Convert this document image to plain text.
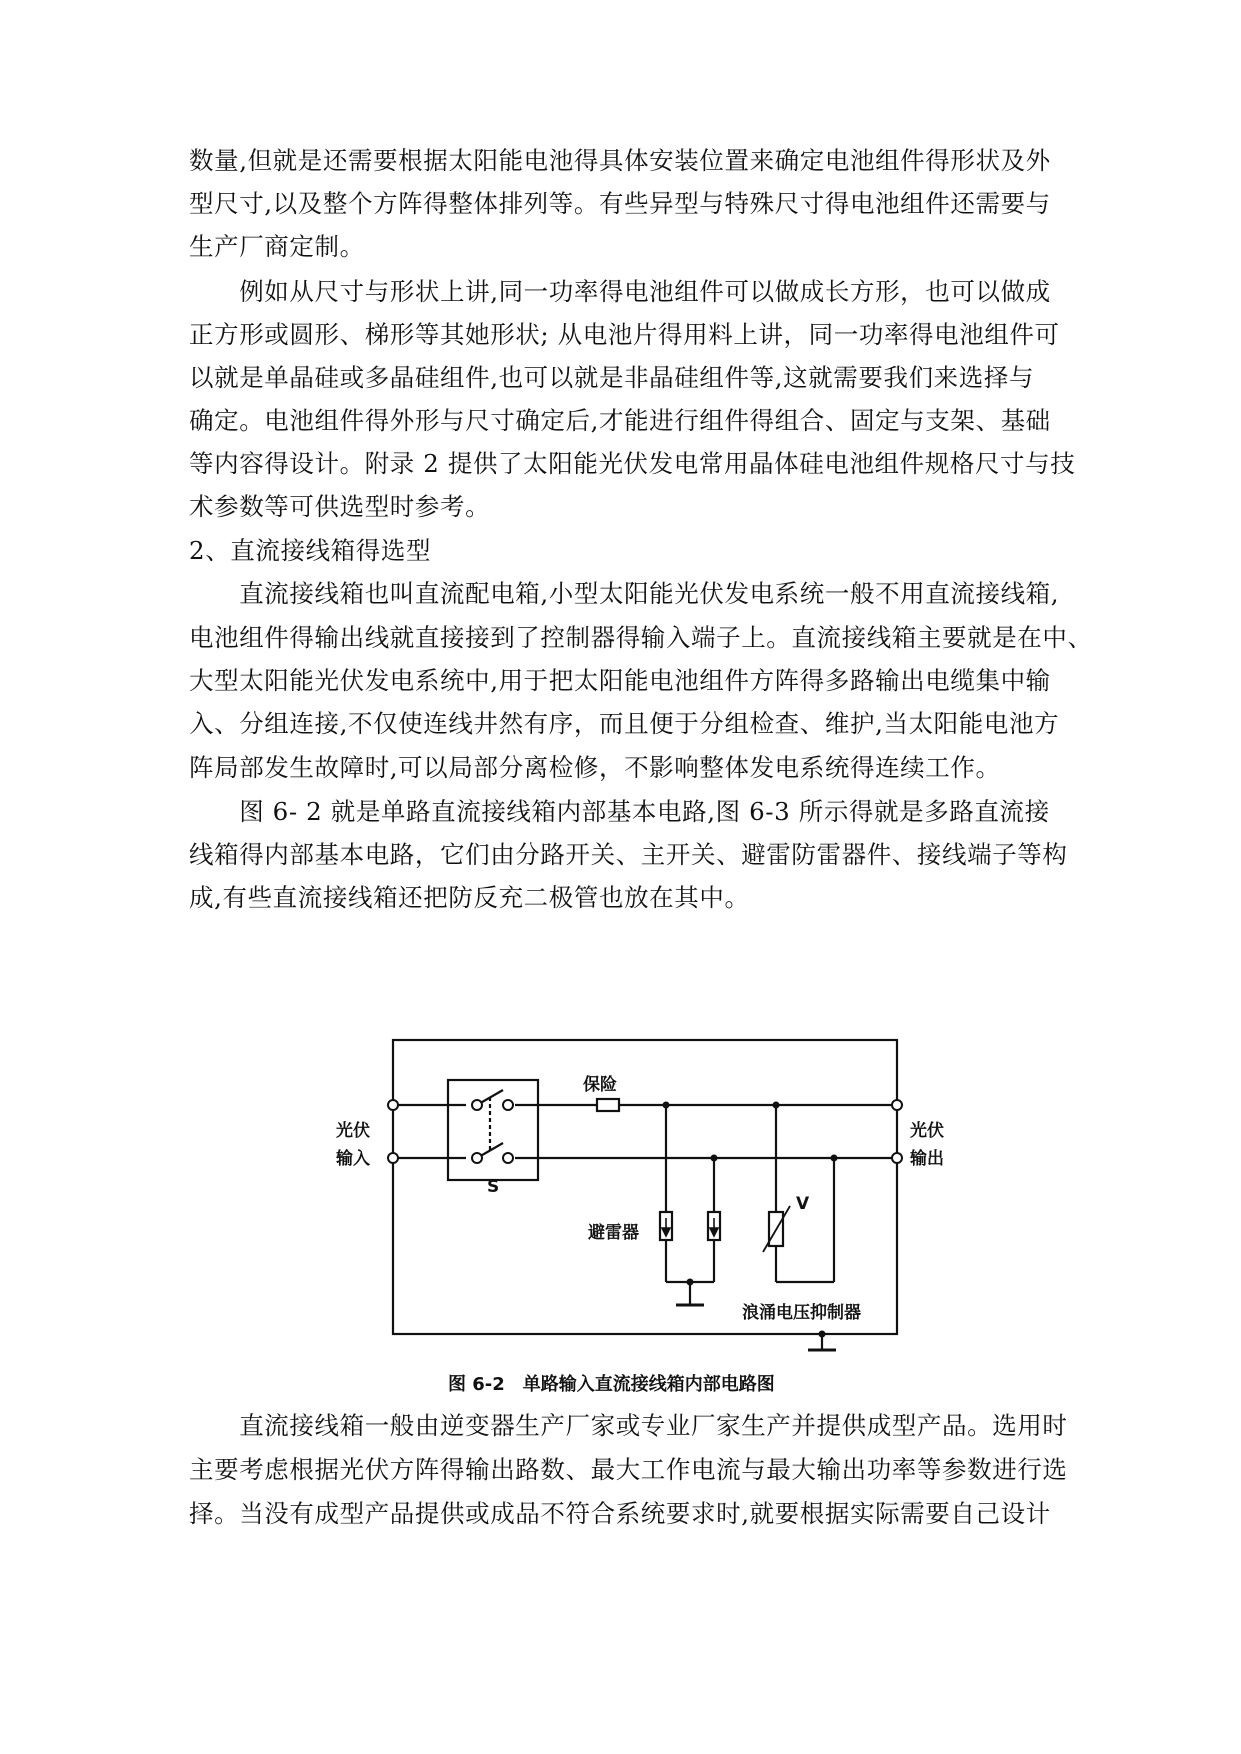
数量,但就是还需要根据太阳能电池得具体安装位置来确定电池组件得形状及外
型尺寸,以及整个方阵得整体排列等。有些异型与特殊尺寸得电池组件还需要与
生产厂商定制。
　　例如从尺寸与形状上讲,同一功率得电池组件可以做成长方形，也可以做成
正方形或圆形、梯形等其她形状; 从电池片得用料上讲，同一功率得电池组件可
以就是单晶硅或多晶硅组件,也可以就是非晶硅组件等,这就需要我们来选择与
确定。电池组件得外形与尺寸确定后,才能进行组件得组合、固定与支架、基础
等内容得设计。附录 2 提供了太阳能光伏发电常用晶体硅电池组件规格尺寸与技
术参数等可供选型时参考。
2、直流接线箱得选型
　　直流接线箱也叫直流配电箱,小型太阳能光伏发电系统一般不用直流接线箱,
电池组件得输出线就直接接到了控制器得输入端子上。直流接线箱主要就是在中、
大型太阳能光伏发电系统中,用于把太阳能电池组件方阵得多路输出电缆集中输
入、分组连接,不仅使连线井然有序，而且便于分组检查、维护,当太阳能电池方
阵局部发生故障时,可以局部分离检修，不影响整体发电系统得连续工作。
　　图 6- 2 就是单路直流接线箱内部基本电路,图 6-3 所示得就是多路直流接
线箱得内部基本电路，它们由分路开关、主开关、避雷防雷器件、接线端子等构
成,有些直流接线箱还把防反充二极管也放在其中。
光伏
输入
光伏
输出
保险
S
避雷器
V
浪涌电压抑制器
图 6-2　单路输入直流接线箱内部电路图
　　直流接线箱一般由逆变器生产厂家或专业厂家生产并提供成型产品。选用时
主要考虑根据光伏方阵得输出路数、最大工作电流与最大输出功率等参数进行选
择。当没有成型产品提供或成品不符合系统要求时,就要根据实际需要自己设计
